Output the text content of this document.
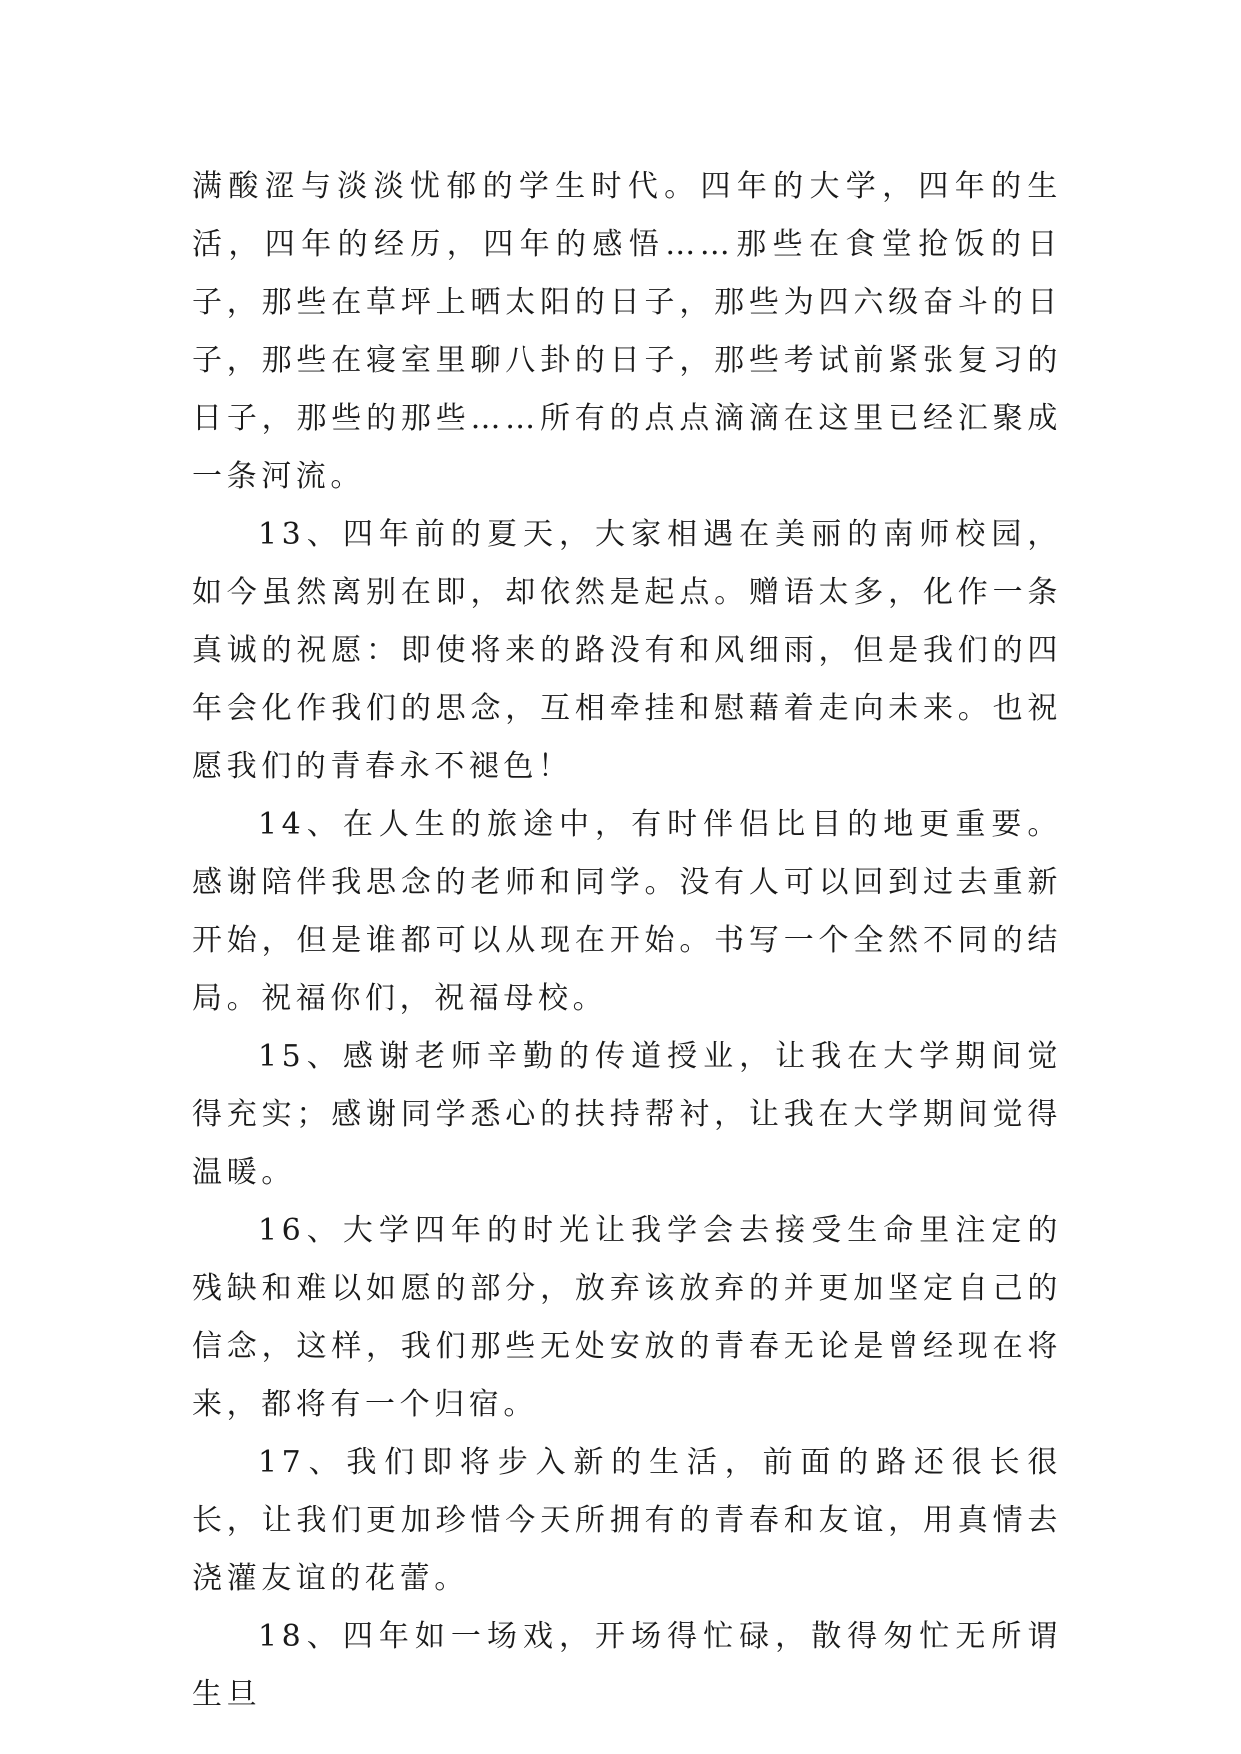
满酸涩与淡淡忧郁的学生时代。四年的大学，四年的生活，四年的经历，四年的感悟……那些在食堂抢饭的日子，那些在草坪上晒太阳的日子，那些为四六级奋斗的日子，那些在寝室里聊八卦的日子，那些考试前紧张复习的日子，那些的那些……所有的点点滴滴在这里已经汇聚成一条河流。

13、四年前的夏天，大家相遇在美丽的南师校园，如今虽然离别在即，却依然是起点。赠语太多，化作一条真诚的祝愿：即使将来的路没有和风细雨，但是我们的四年会化作我们的思念，互相牵挂和慰藉着走向未来。也祝愿我们的青春永不褪色！

14、在人生的旅途中，有时伴侣比目的地更重要。感谢陪伴我思念的老师和同学。没有人可以回到过去重新开始，但是谁都可以从现在开始。书写一个全然不同的结局。祝福你们，祝福母校。

15、感谢老师辛勤的传道授业，让我在大学期间觉得充实；感谢同学悉心的扶持帮衬，让我在大学期间觉得温暖。

16、大学四年的时光让我学会去接受生命里注定的残缺和难以如愿的部分，放弃该放弃的并更加坚定自己的信念，这样，我们那些无处安放的青春无论是曾经现在将来，都将有一个归宿。

17、我们即将步入新的生活，前面的路还很长很长，让我们更加珍惜今天所拥有的青春和友谊，用真情去浇灌友谊的花蕾。

18、四年如一场戏，开场得忙碌，散得匆忙无所谓生旦
